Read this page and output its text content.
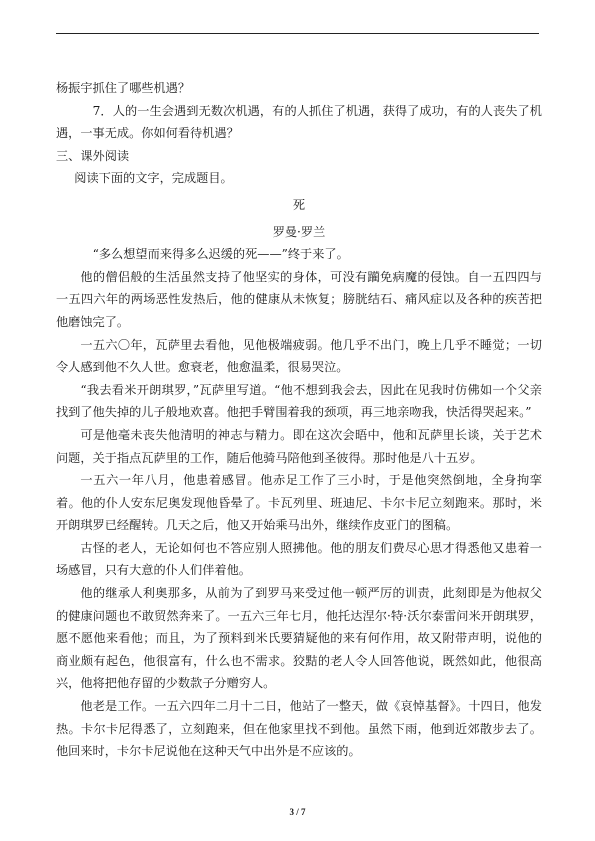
杨振宇抓住了哪些机遇？

7．人的一生会遇到无数次机遇，有的人抓住了机遇，获得了成功，有的人丧失了机遇，一事无成。你如何看待机遇？

三、课外阅读

阅读下面的文字，完成题目。

死

罗曼·罗兰

“多么想望而来得多么迟缓的死——”终于来了。

他的僧侣般的生活虽然支持了他坚实的身体，可没有躏免病魔的侵蚀。自一五四四与一五四六年的两场恶性发热后，他的健康从未恢复；膀胱结石、痛风症以及各种的疾苦把他磨蚀完了。

一五六〇年，瓦萨里去看他，见他极端疲弱。他几乎不出门，晚上几乎不睡觉；一切令人感到他不久人世。愈衰老，他愈温柔，很易哭泣。

“我去看米开朗琪罗，”瓦萨里写道。“他不想到我会去，因此在见我时仿佛如一个父亲找到了他失掉的儿子般地欢喜。他把手臂围着我的颈项，再三地亲吻我，快活得哭起来。”

可是他毫未丧失他清明的神志与精力。即在这次会晤中，他和瓦萨里长谈，关于艺术问题，关于指点瓦萨里的工作，随后他骑马陪他到圣彼得。那时他是八十五岁。

一五六一年八月，他患着感冒。他赤足工作了三小时，于是他突然倒地，全身拘挛着。他的仆人安东尼奥发现他昏晕了。卡瓦列里、班迪尼、卡尔卡尼立刻跑来。那时，米开朗琪罗已经醒转。几天之后，他又开始乘马出外，继续作皮亚门的图稿。

古怪的老人，无论如何也不答应别人照拂他。他的朋友们费尽心思才得悉他又患着一场感冒，只有大意的仆人们伴着他。

他的继承人利奥那多，从前为了到罗马来受过他一顿严厉的训责，此刻即是为他叔父的健康问题也不敢贸然奔来了。一五六三年七月，他托达涅尔·特·沃尔泰雷问米开朗琪罗，愿不愿他来看他；而且，为了预料到米氏要猜疑他的来有何作用，故又附带声明，说他的商业颇有起色，他很富有，什么也不需求。狡黠的老人令人回答他说，既然如此，他很高兴，他将把他存留的少数款子分赠穷人。

他老是工作。一五六四年二月十二日，他站了一整天，做《哀悼基督》。十四日，他发热。卡尔卡尼得悉了，立刻跑来，但在他家里找不到他。虽然下雨，他到近郊散步去了。他回来时，卡尔卡尼说他在这种天气中出外是不应该的。

3 / 7
